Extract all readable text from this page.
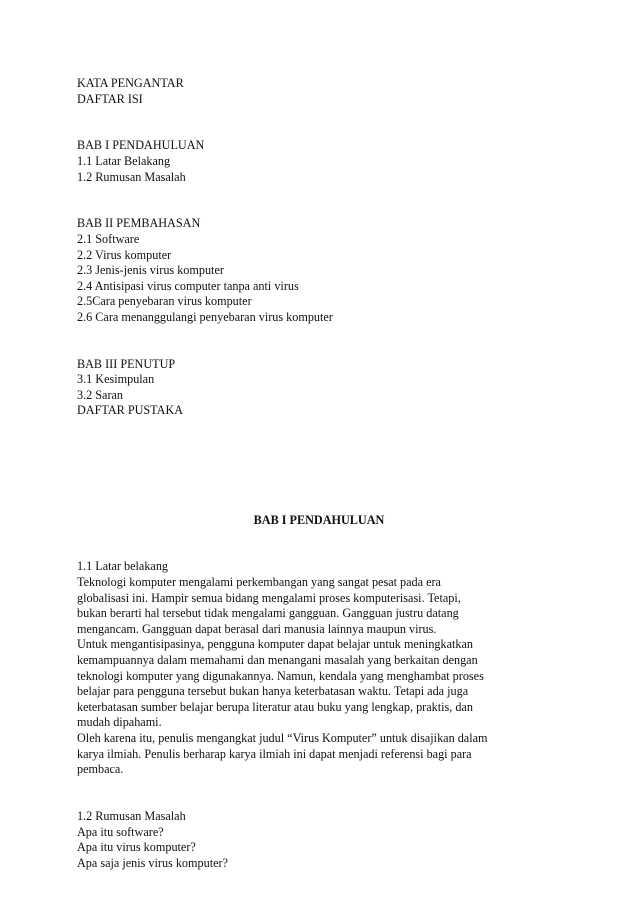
KATA PENGANTAR
DAFTAR ISI
BAB I PENDAHULUAN
1.1 Latar Belakang
1.2 Rumusan Masalah
BAB II PEMBAHASAN
2.1 Software
2.2 Virus komputer
2.3 Jenis-jenis virus komputer
2.4 Antisipasi virus computer tanpa anti virus
2.5Cara penyebaran virus komputer
2.6 Cara menanggulangi penyebaran virus komputer
BAB III PENUTUP
3.1 Kesimpulan
3.2 Saran
DAFTAR PUSTAKA
BAB I PENDAHULUAN
1.1 Latar belakang
Teknologi komputer mengalami perkembangan yang sangat pesat pada era
globalisasi ini. Hampir semua bidang mengalami proses komputerisasi. Tetapi,
bukan berarti hal tersebut tidak mengalami gangguan. Gangguan justru datang
mengancam. Gangguan dapat berasal dari manusia lainnya maupun virus.
Untuk mengantisipasinya, pengguna komputer dapat belajar untuk meningkatkan
kemampuannya dalam memahami dan menangani masalah yang berkaitan dengan
teknologi komputer yang digunakannya. Namun, kendala yang menghambat proses
belajar para pengguna tersebut bukan hanya keterbatasan waktu. Tetapi ada juga
keterbatasan sumber belajar berupa literatur atau buku yang lengkap, praktis, dan
mudah dipahami.
Oleh karena itu, penulis mengangkat judul “Virus Komputer” untuk disajikan dalam
karya ilmiah. Penulis berharap karya ilmiah ini dapat menjadi referensi bagi para
pembaca.
1.2 Rumusan Masalah
Apa itu software?
Apa itu virus komputer?
Apa saja jenis virus komputer?
